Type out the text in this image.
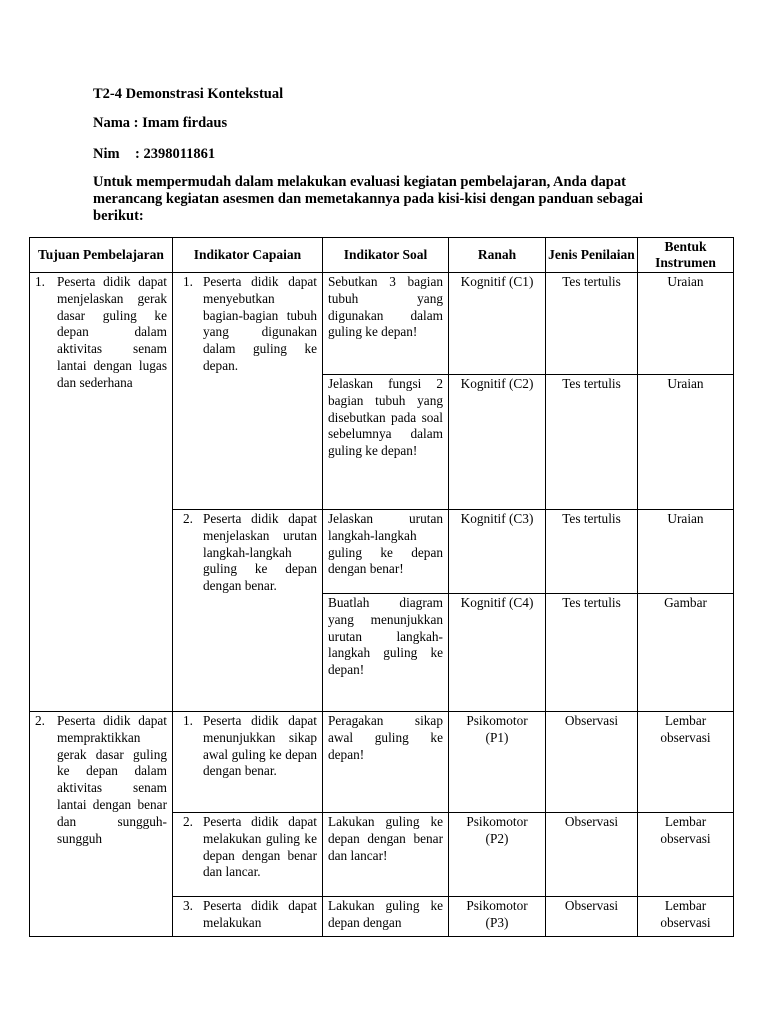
T2-4 Demonstrasi Kontekstual
Nama : Imam firdaus
Nim : 2398011861
Untuk mempermudah dalam melakukan evaluasi kegiatan pembelajaran, Anda dapat merancang kegiatan asesmen dan memetakannya pada kisi-kisi dengan panduan sebagai berikut:
Tujuan Pembelajaran	Indikator Capaian	Indikator Soal	Ranah	Jenis Penilaian	Bentuk Instrumen

1. Peserta didik dapat menjelaskan gerak dasar guling ke depan dalam aktivitas senam lantai dengan lugas dan sederhana	1. Peserta didik dapat menyebutkan bagian-bagian tubuh yang digunakan dalam guling ke depan.	Sebutkan 3 bagian tubuh yang digunakan dalam guling ke depan!	Kognitif (C1)	Tes tertulis	Uraian

		Jelaskan fungsi 2 bagian tubuh yang disebutkan pada soal sebelumnya dalam guling ke depan!	Kognitif (C2)	Tes tertulis	Uraian

	2. Peserta didik dapat menjelaskan urutan langkah-langkah guling ke depan dengan benar.	Jelaskan urutan langkah-langkah guling ke depan dengan benar!	Kognitif (C3)	Tes tertulis	Uraian

		Buatlah diagram yang menunjukkan urutan langkah-langkah guling ke depan!	Kognitif (C4)	Tes tertulis	Gambar

2. Peserta didik dapat mempraktikkan gerak dasar guling ke depan dalam aktivitas senam lantai dengan benar dan sungguh-sungguh	1. Peserta didik dapat menunjukkan sikap awal guling ke depan dengan benar.	Peragakan sikap awal guling ke depan!	Psikomotor (P1)	Observasi	Lembar observasi

	2. Peserta didik dapat melakukan guling ke depan dengan benar dan lancar.	Lakukan guling ke depan dengan benar dan lancar!	Psikomotor (P2)	Observasi	Lembar observasi

	3. Peserta didik dapat melakukan	Lakukan guling ke depan dengan	Psikomotor (P3)	Observasi	Lembar observasi
